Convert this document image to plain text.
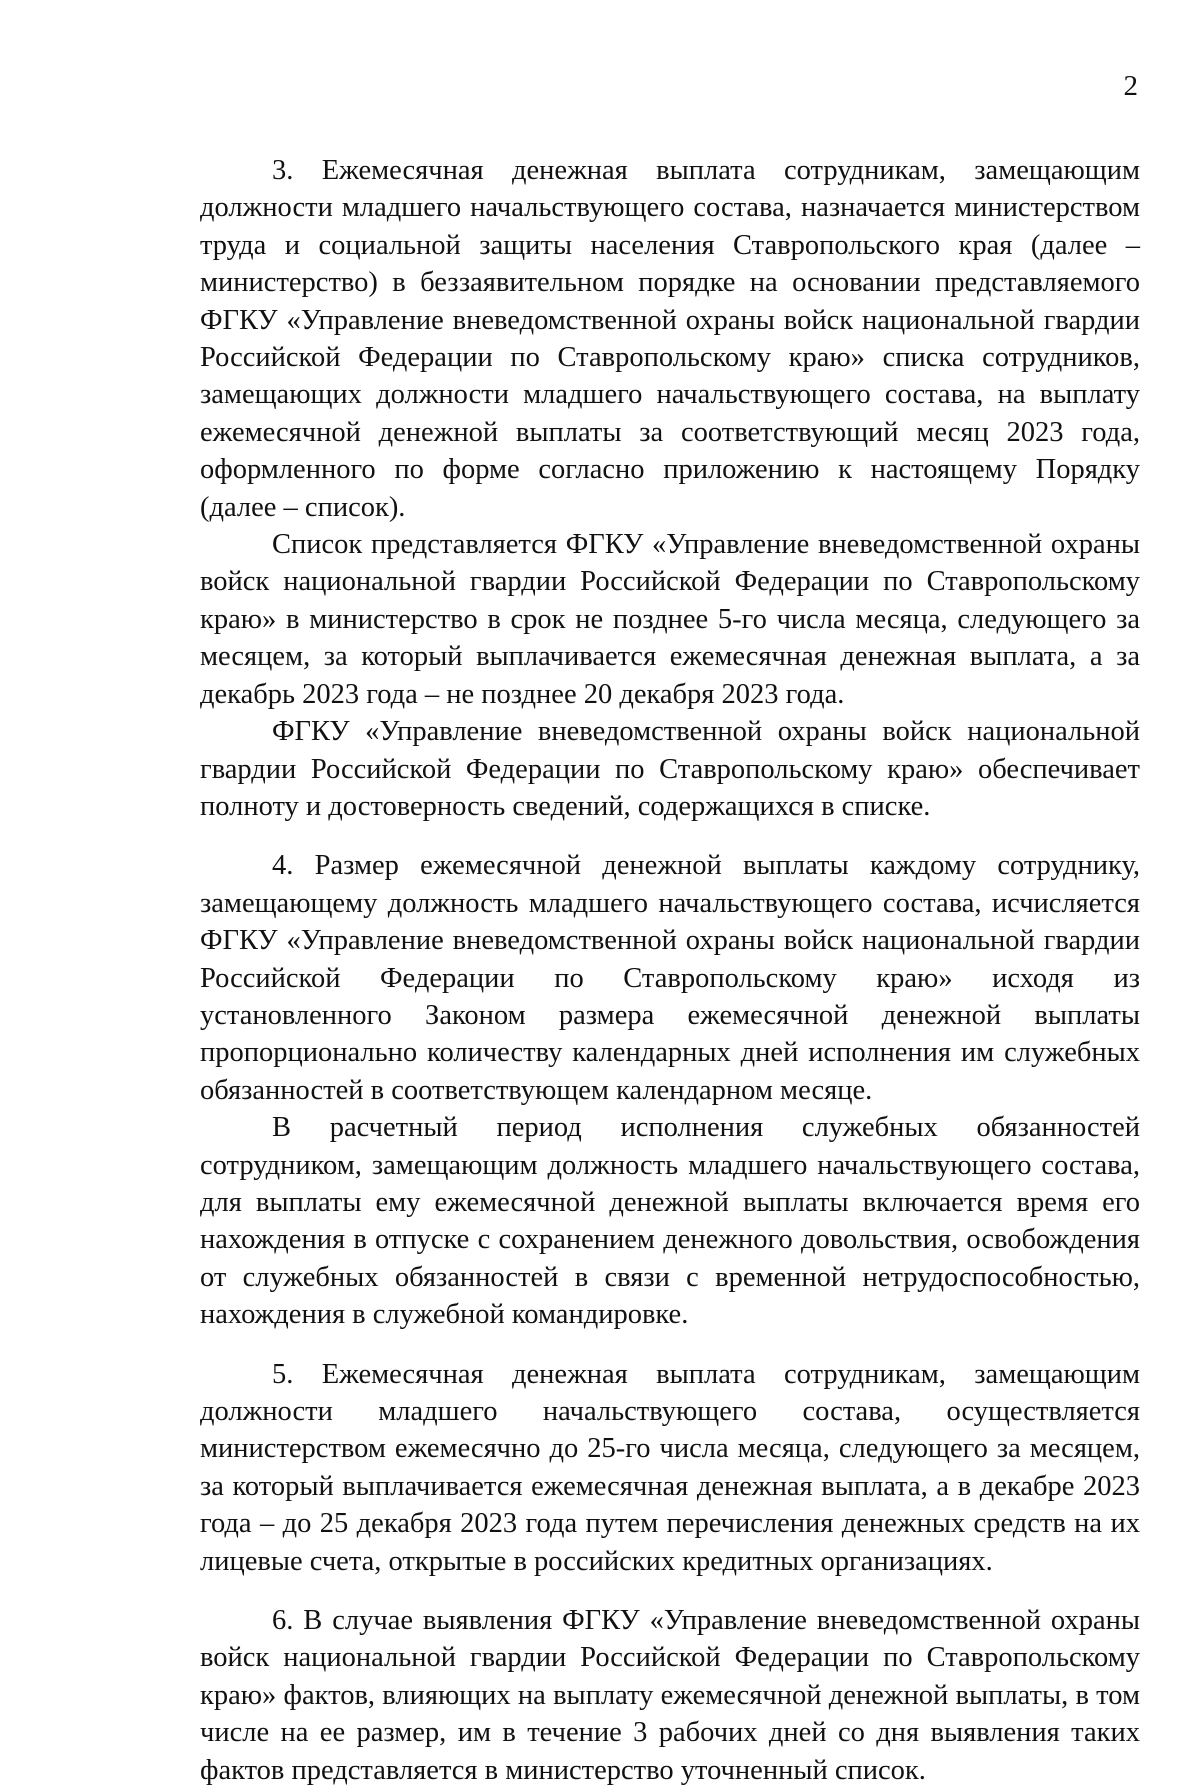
2

3. Ежемесячная денежная выплата сотрудникам, замещающим должности младшего начальствующего состава, назначается министерством труда и социальной защиты населения Ставропольского края (далее – министерство) в беззаявительном порядке на основании представляемого ФГКУ «Управление вневедомственной охраны войск национальной гвардии Российской Федерации по Ставропольскому краю» списка сотрудников, замещающих должности младшего начальствующего состава, на выплату ежемесячной денежной выплаты за соответствующий месяц 2023 года, оформленного по форме согласно приложению к настоящему Порядку (далее – список).

Список представляется ФГКУ «Управление вневедомственной охраны войск национальной гвардии Российской Федерации по Ставропольскому краю» в министерство в срок не позднее 5-го числа месяца, следующего за месяцем, за который выплачивается ежемесячная денежная выплата, а за декабрь 2023 года – не позднее 20 декабря 2023 года.

ФГКУ «Управление вневедомственной охраны войск национальной гвардии Российской Федерации по Ставропольскому краю» обеспечивает полноту и достоверность сведений, содержащихся в списке.

4. Размер ежемесячной денежной выплаты каждому сотруднику, замещающему должность младшего начальствующего состава, исчисляется ФГКУ «Управление вневедомственной охраны войск национальной гвардии Российской Федерации по Ставропольскому краю» исходя из установленного Законом размера ежемесячной денежной выплаты пропорционально количеству календарных дней исполнения им служебных обязанностей в соответствующем календарном месяце.

В расчетный период исполнения служебных обязанностей сотрудником, замещающим должность младшего начальствующего состава, для выплаты ему ежемесячной денежной выплаты включается время его нахождения в отпуске с сохранением денежного довольствия, освобождения от служебных обязанностей в связи с временной нетрудоспособностью, нахождения в служебной командировке.

5. Ежемесячная денежная выплата сотрудникам, замещающим должности младшего начальствующего состава, осуществляется министерством ежемесячно до 25-го числа месяца, следующего за месяцем, за который выплачивается ежемесячная денежная выплата, а в декабре 2023 года – до 25 декабря 2023 года путем перечисления денежных средств на их лицевые счета, открытые в российских кредитных организациях.

6. В случае выявления ФГКУ «Управление вневедомственной охраны войск национальной гвардии Российской Федерации по Ставропольскому краю» фактов, влияющих на выплату ежемесячной денежной выплаты, в том числе на ее размер, им в течение 3 рабочих дней со дня выявления таких фактов представляется в министерство уточненный список.
